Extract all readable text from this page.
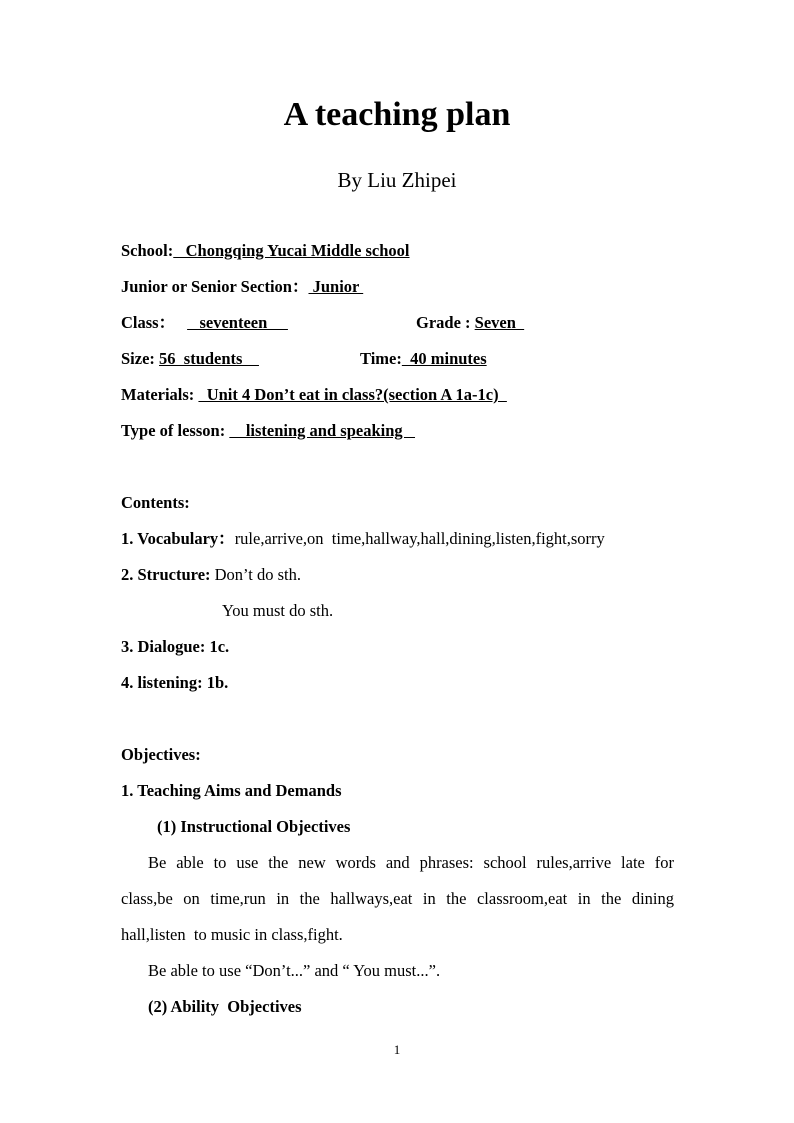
A teaching plan
By Liu Zhipei
School:   Chongqing Yucai Middle school
Junior or Senior Section： Junior
Class：   seventeen	Grade : Seven
Size: 56  students	Time:  40 minutes
Materials:   Unit 4 Don’t eat in class?(section A 1a-1c)
Type of lesson:     listening and speaking
Contents:
1. Vocabulary：rule,arrive,on  time,hallway,hall,dining,listen,fight,sorry
2. Structure: Don’t do sth.
You must do sth.
3. Dialogue: 1c.
4. listening: 1b.
Objectives:
1. Teaching Aims and Demands
(1) Instructional Objectives
Be able to use the new words and phrases: school rules,arrive late for
class,be on time,run in the hallways,eat in the classroom,eat in the dining
hall,listen  to music in class,fight.
Be able to use “Don’t...” and “ You must...”.
(2) Ability  Objectives
1
